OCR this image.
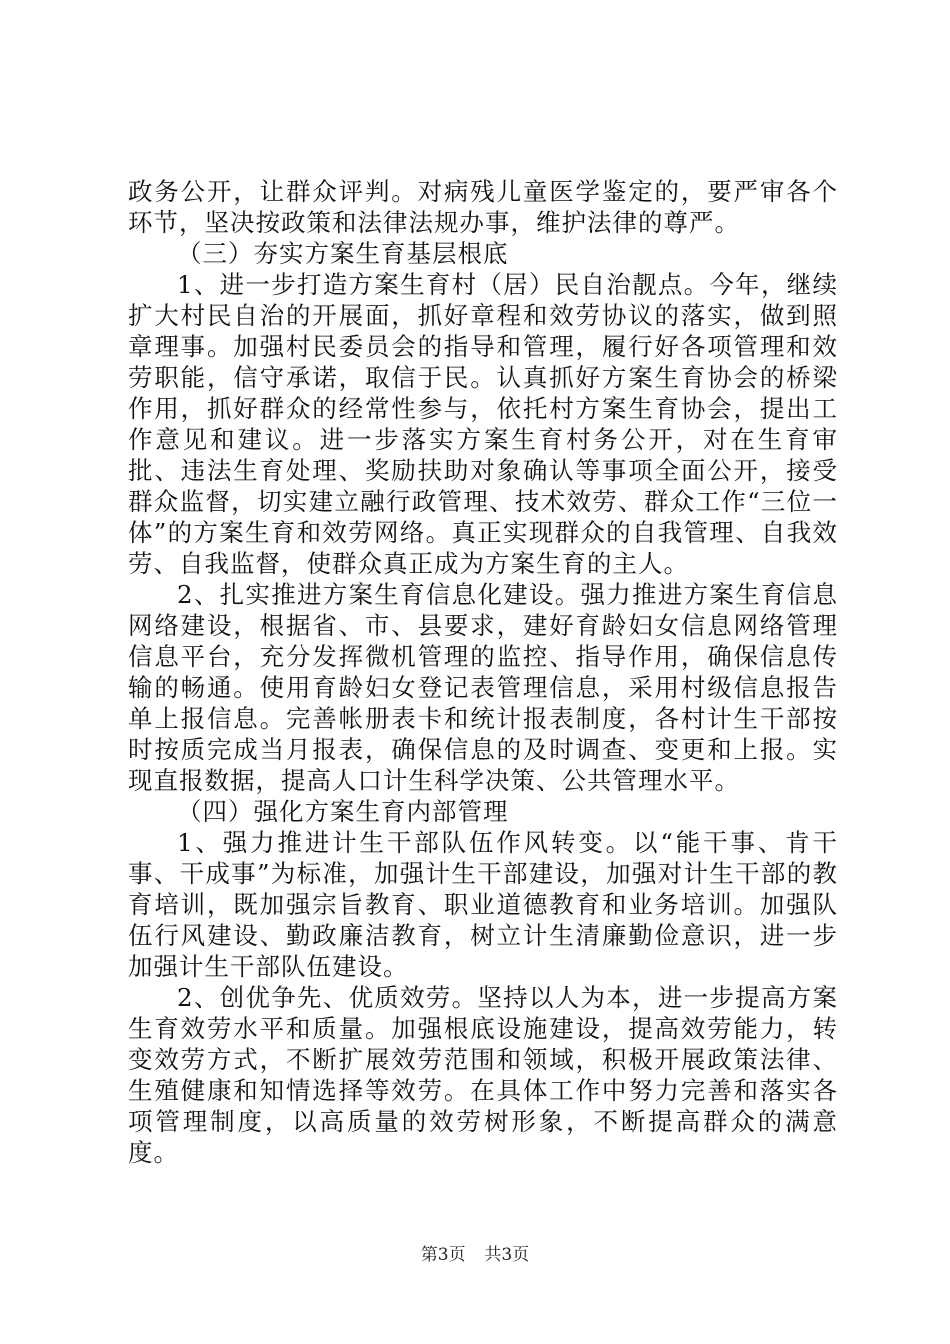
政务公开，让群众评判。对病残儿童医学鉴定的，要严审各个环节，坚决按政策和法律法规办事，维护法律的尊严。

（三）夯实方案生育基层根底

1、进一步打造方案生育村（居）民自治靓点。今年，继续扩大村民自治的开展面，抓好章程和效劳协议的落实，做到照章理事。加强村民委员会的指导和管理，履行好各项管理和效劳职能，信守承诺，取信于民。认真抓好方案生育协会的桥梁作用，抓好群众的经常性参与，依托村方案生育协会，提出工作意见和建议。进一步落实方案生育村务公开，对在生育审批、违法生育处理、奖励扶助对象确认等事项全面公开，接受群众监督，切实建立融行政管理、技术效劳、群众工作“三位一体”的方案生育和效劳网络。真正实现群众的自我管理、自我效劳、自我监督，使群众真正成为方案生育的主人。

2、扎实推进方案生育信息化建设。强力推进方案生育信息网络建设，根据省、市、县要求，建好育龄妇女信息网络管理信息平台，充分发挥微机管理的监控、指导作用，确保信息传输的畅通。使用育龄妇女登记表管理信息，采用村级信息报告单上报信息。完善帐册表卡和统计报表制度，各村计生干部按时按质完成当月报表，确保信息的及时调查、变更和上报。实现直报数据，提高人口计生科学决策、公共管理水平。

（四）强化方案生育内部管理

1、强力推进计生干部队伍作风转变。以“能干事、肯干事、干成事”为标准，加强计生干部建设，加强对计生干部的教育培训，既加强宗旨教育、职业道德教育和业务培训。加强队伍行风建设、勤政廉洁教育，树立计生清廉勤俭意识，进一步加强计生干部队伍建设。

2、创优争先、优质效劳。坚持以人为本，进一步提高方案生育效劳水平和质量。加强根底设施建设，提高效劳能力，转变效劳方式，不断扩展效劳范围和领域，积极开展政策法律、生殖健康和知情选择等效劳。在具体工作中努力完善和落实各项管理制度，以高质量的效劳树形象，不断提高群众的满意度。

第3页 共3页
